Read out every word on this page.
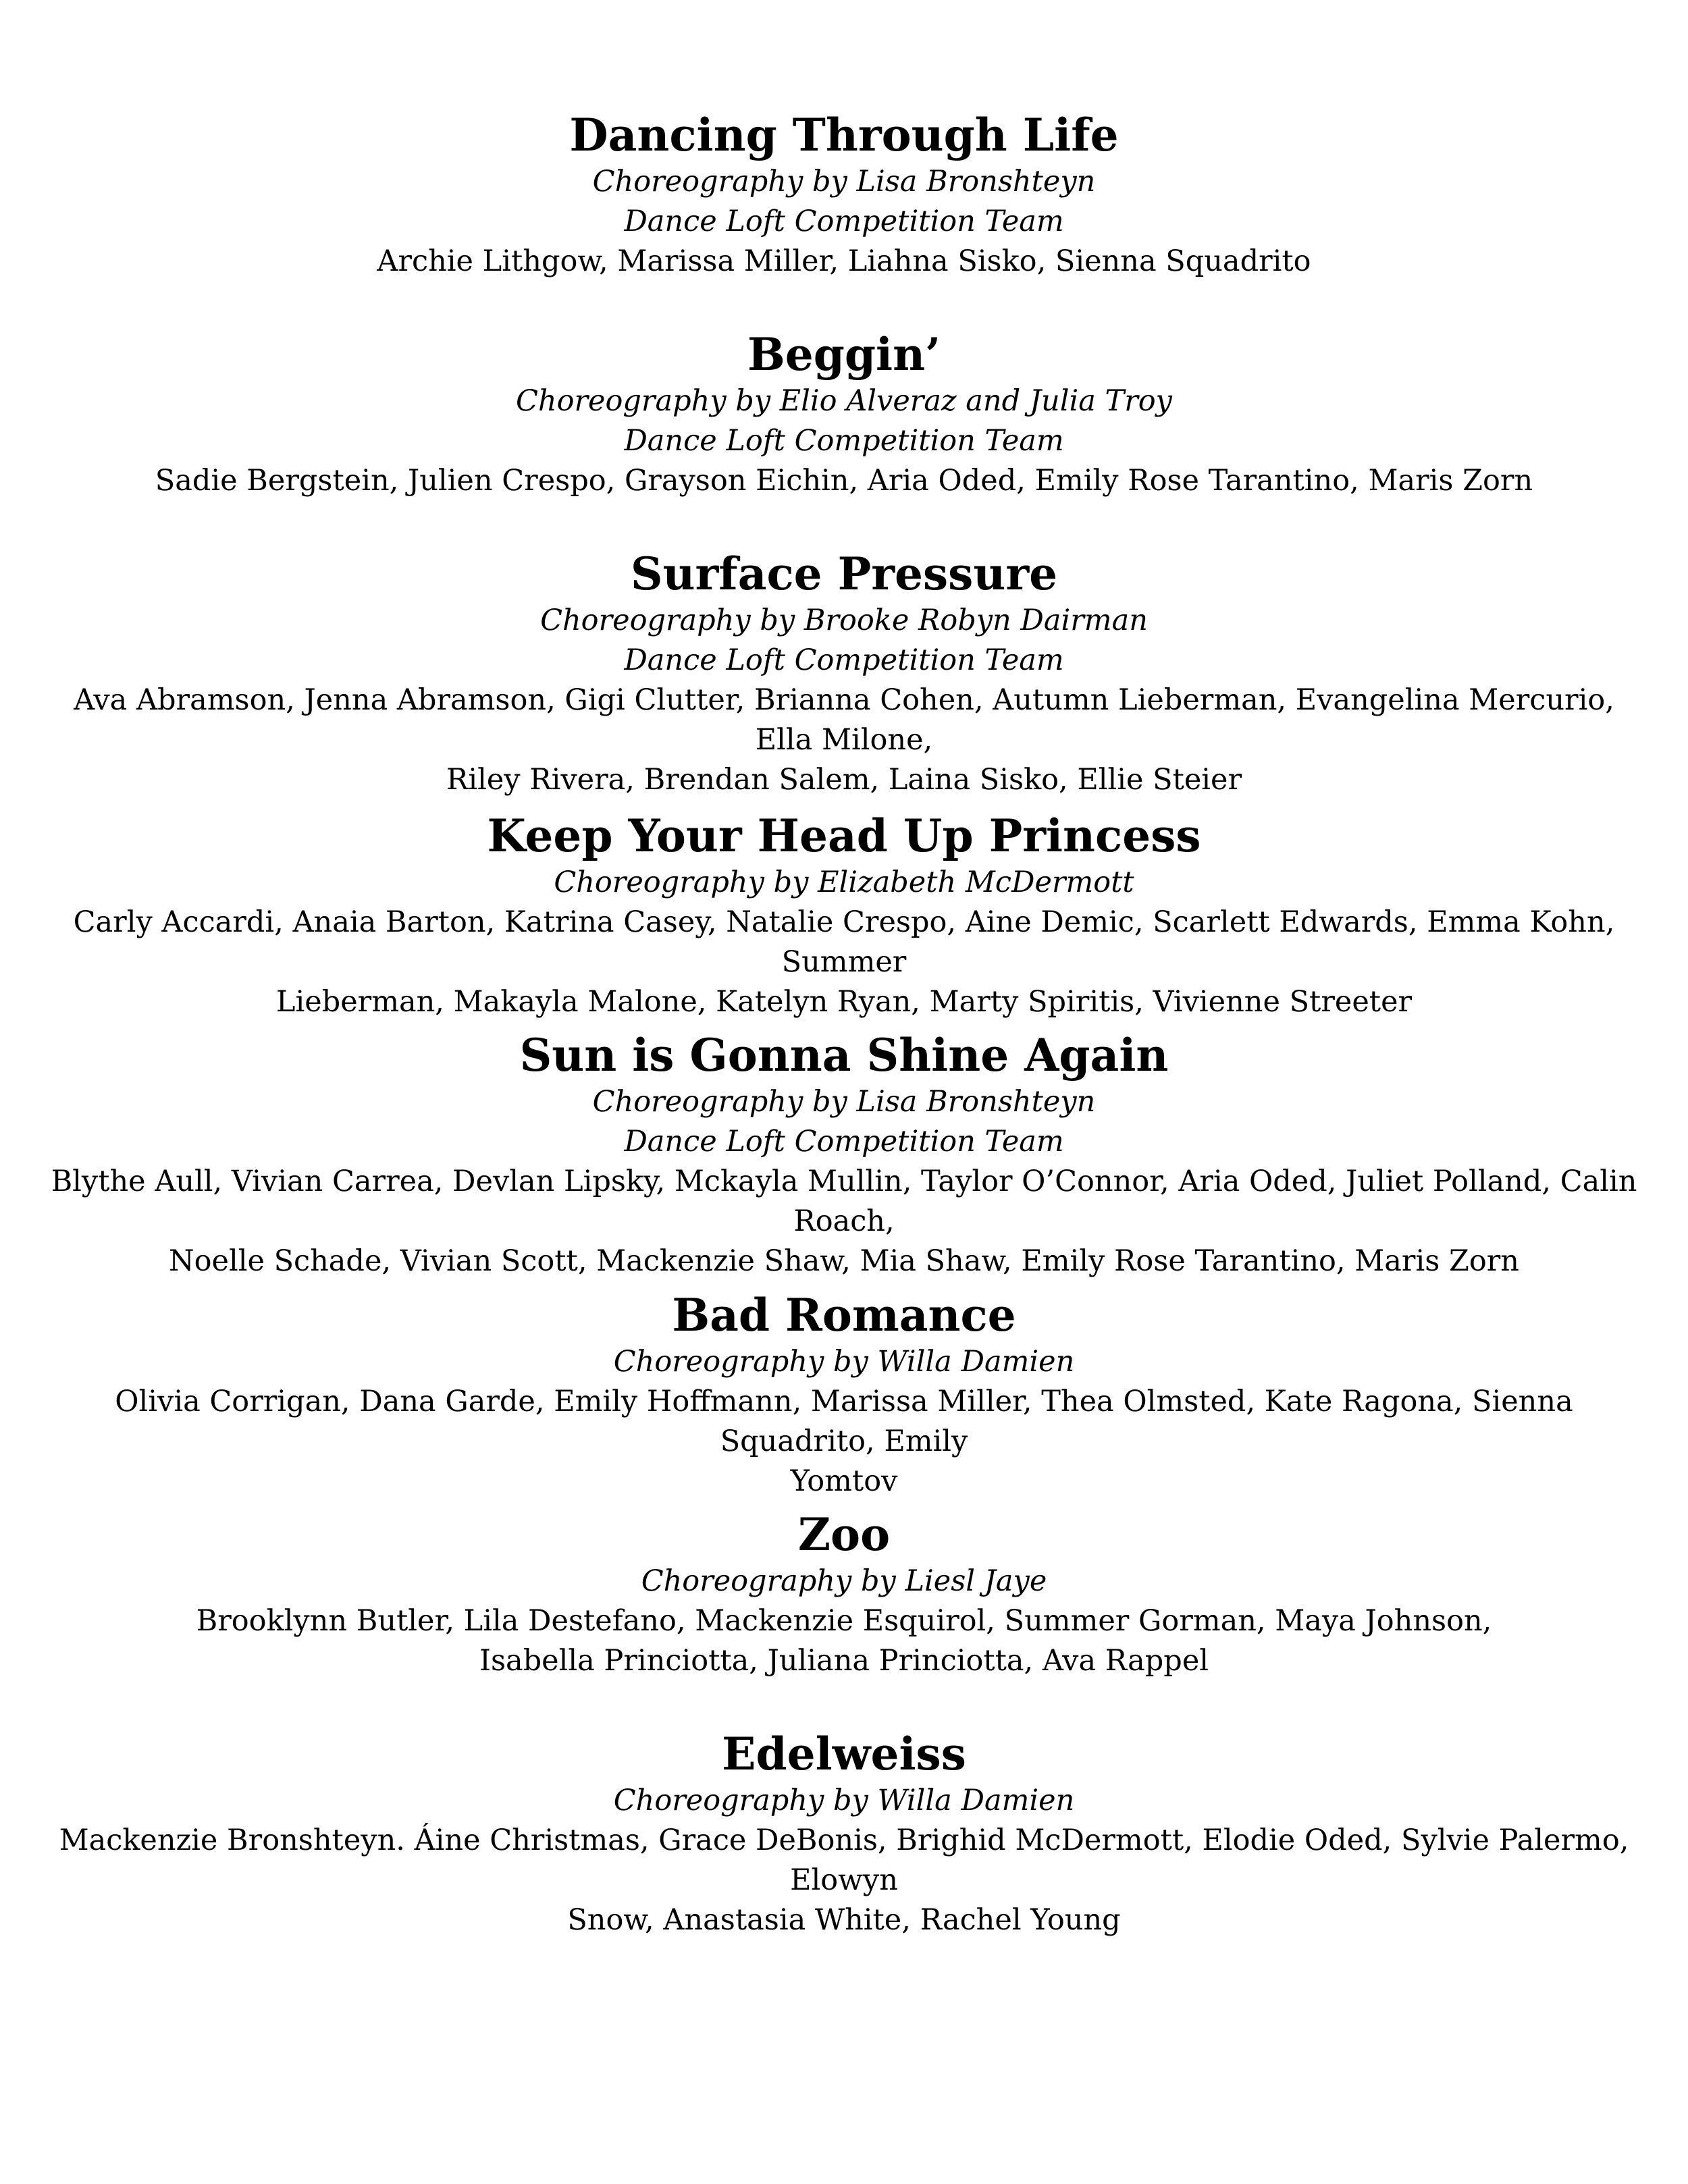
Dancing Through Life

Choreography by Lisa Bronshteyn

Dance Loft Competition Team

Archie Lithgow, Marissa Miller, Liahna Sisko, Sienna Squadrito

Beggin’

Choreography by Elio Alveraz and Julia Troy

Dance Loft Competition Team

Sadie Bergstein, Julien Crespo, Grayson Eichin, Aria Oded, Emily Rose Tarantino, Maris Zorn

Surface Pressure

Choreography by Brooke Robyn Dairman

Dance Loft Competition Team

Ava Abramson, Jenna Abramson, Gigi Clutter, Brianna Cohen, Autumn Lieberman, Evangelina Mercurio, Ella Milone,
Riley Rivera, Brendan Salem, Laina Sisko, Ellie Steier

Keep Your Head Up Princess

Choreography by Elizabeth McDermott

Carly Accardi, Anaia Barton, Katrina Casey, Natalie Crespo, Aine Demic, Scarlett Edwards, Emma Kohn, Summer
Lieberman, Makayla Malone, Katelyn Ryan, Marty Spiritis, Vivienne Streeter

Sun is Gonna Shine Again

Choreography by Lisa Bronshteyn

Dance Loft Competition Team

Blythe Aull, Vivian Carrea, Devlan Lipsky, Mckayla Mullin, Taylor O’Connor, Aria Oded, Juliet Polland, Calin Roach,
Noelle Schade, Vivian Scott, Mackenzie Shaw, Mia Shaw, Emily Rose Tarantino, Maris Zorn

Bad Romance

Choreography by Willa Damien

Olivia Corrigan, Dana Garde, Emily Hoffmann, Marissa Miller, Thea Olmsted, Kate Ragona, Sienna Squadrito, Emily
Yomtov

Zoo

Choreography by Liesl Jaye

Brooklynn Butler, Lila Destefano, Mackenzie Esquirol, Summer Gorman, Maya Johnson,
Isabella Princiotta, Juliana Princiotta, Ava Rappel

Edelweiss

Choreography by Willa Damien

Mackenzie Bronshteyn. Áine Christmas, Grace DeBonis, Brighid McDermott, Elodie Oded, Sylvie Palermo, Elowyn
Snow, Anastasia White, Rachel Young
